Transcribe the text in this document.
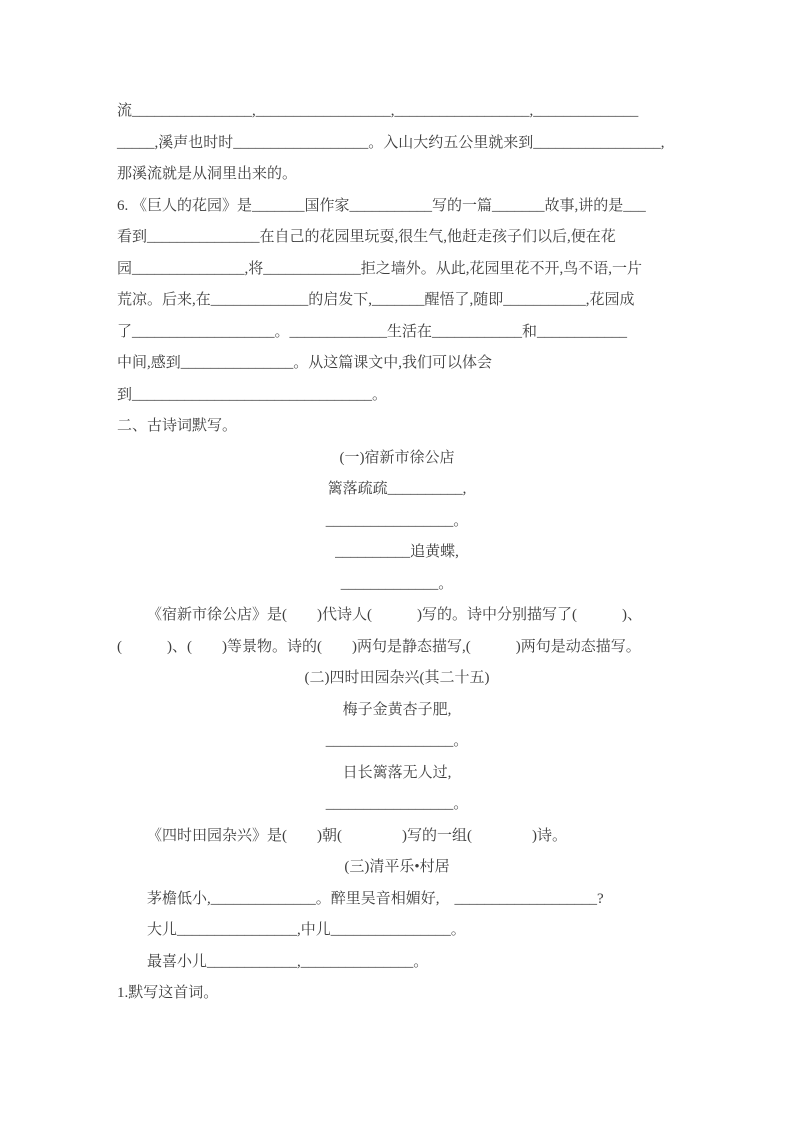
流________________,__________________,__________________,______________
_____,溪声也时时__________________。入山大约五公里就来到_________________,
那溪流就是从洞里出来的。
6. 《巨人的花园》是_______国作家___________写的一篇_______故事,讲的是___
看到_______________在自己的花园里玩耍,很生气,他赶走孩子们以后,便在花
园_______________,将_____________拒之墙外。从此,花园里花不开,鸟不语,一片
荒凉。后来,在_____________的启发下,_______醒悟了,随即___________,花园成
了___________________。_____________生活在____________和____________
中间,感到_______________。从这篇课文中,我们可以体会
到________________________________。
二、古诗词默写。
(一)宿新市徐公店
篱落疏疏__________,
_________________。
__________追黄蝶,
_____________。
《宿新市徐公店》是(　　)代诗人(　　　)写的。诗中分别描写了(　　　)、
(　　　)、(　　)等景物。诗的(　　)两句是静态描写,(　　　)两句是动态描写。
(二)四时田园杂兴(其二十五)
梅子金黄杏子肥,
_________________。
日长篱落无人过,
_________________。
《四时田园杂兴》是(　　)朝(　　　　)写的一组(　　　　)诗。
(三)清平乐•村居
茅檐低小,______________。醉里吴音相媚好,　___________________?
大儿________________,中儿________________。
最喜小儿____________,_______________。
1.默写这首词。
